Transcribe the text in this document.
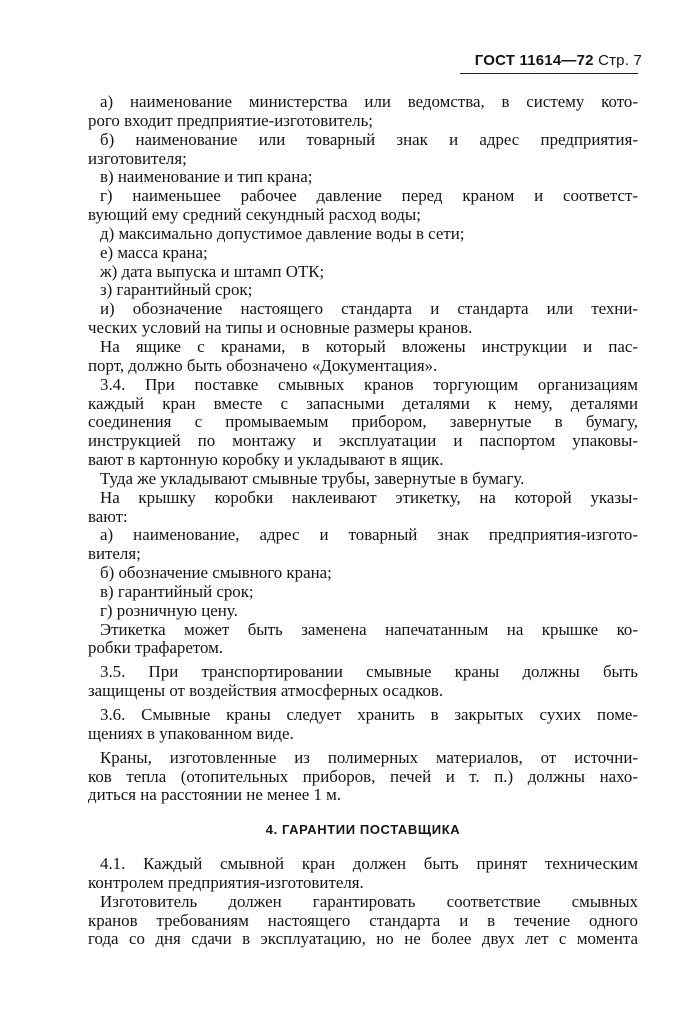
ГОСТ 11614—72 Стр. 7

а) наименование министерства или ведомства, в систему кото-

рого входит предприятие-изготовитель;

б) наименование или товарный знак и адрес предприятия-

изготовителя;

в) наименование и тип крана;

г) наименьшее рабочее давление перед краном и соответст-

вующий ему средний секундный расход воды;

д) максимально допустимое давление воды в сети;

е) масса крана;

ж) дата выпуска и штамп ОТК;

з) гарантийный срок;

и) обозначение настоящего стандарта и стандарта или техни-

ческих условий на типы и основные размеры кранов.

На ящике с кранами, в который вложены инструкции и пас-

порт, должно быть обозначено «Документация».

3.4. При поставке смывных кранов торгующим организациям

каждый кран вместе с запасными деталями к нему, деталями

соединения с промываемым прибором, завернутые в бумагу,

инструкцией по монтажу и эксплуатации и паспортом упаковы-

вают в картонную коробку и укладывают в ящик.

Туда же укладывают смывные трубы, завернутые в бумагу.

На крышку коробки наклеивают этикетку, на которой указы-

вают:

а) наименование, адрес и товарный знак предприятия-изгото-

вителя;

б) обозначение смывного крана;

в) гарантийный срок;

г) розничную цену.

Этикетка может быть заменена напечатанным на крышке ко-

робки трафаретом.

3.5. При транспортировании смывные краны должны быть

защищены от воздействия атмосферных осадков.

3.6. Смывные краны следует хранить в закрытых сухих поме-

щениях в упакованном виде.

Краны, изготовленные из полимерных материалов, от источни-

ков тепла (отопительных приборов, печей и т. п.) должны нахо-

диться на расстоянии не менее 1 м.

4. ГАРАНТИИ ПОСТАВЩИКА

4.1. Каждый смывной кран должен быть принят техническим

контролем предприятия-изготовителя.

Изготовитель должен гарантировать соответствие смывных

кранов требованиям настоящего стандарта и в течение одного

года со дня сдачи в эксплуатацию, но не более двух лет с момента
